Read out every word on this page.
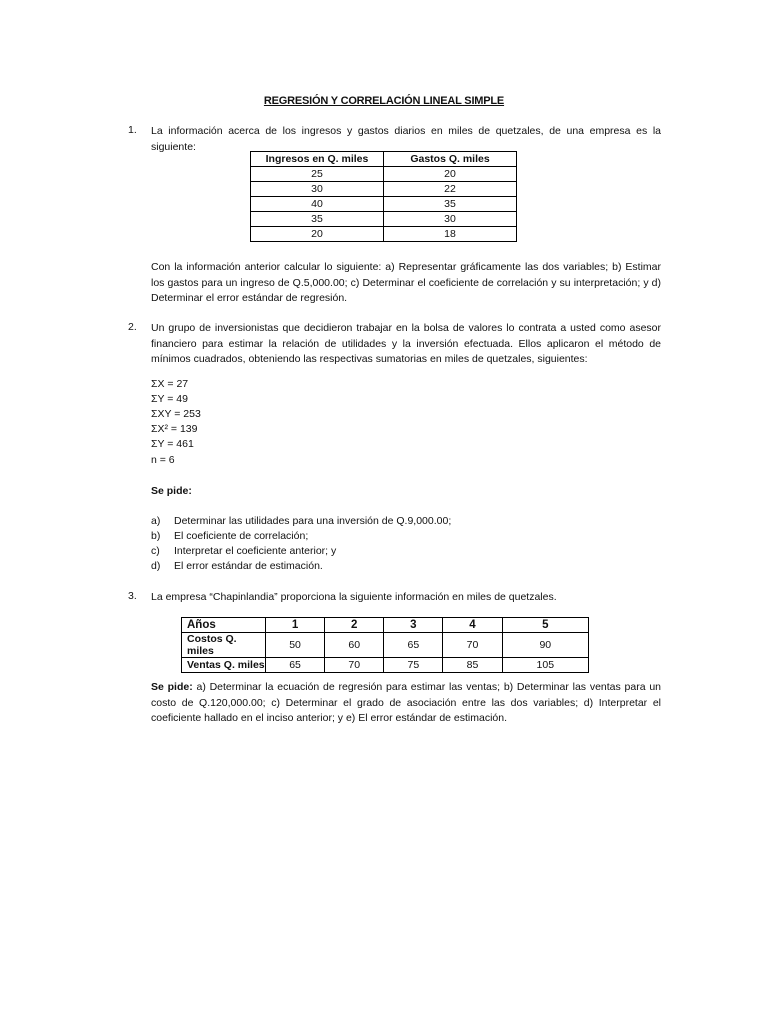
REGRESIÓN Y CORRELACIÓN LINEAL SIMPLE
1. La información acerca de los ingresos y gastos diarios en miles de quetzales, de una empresa es la siguiente:
Ingresos en Q. miles	Gastos Q. miles
25	20
30	22
40	35
35	30
20	18
Con la información anterior calcular lo siguiente: a) Representar gráficamente las dos variables; b) Estimar los gastos para un ingreso de Q.5,000.00; c) Determinar el coeficiente de correlación y su interpretación; y d) Determinar el error estándar de regresión.
2. Un grupo de inversionistas que decidieron trabajar en la bolsa de valores lo contrata a usted como asesor financiero para estimar la relación de utilidades y la inversión efectuada. Ellos aplicaron el método de mínimos cuadrados, obteniendo las respectivas sumatorias en miles de quetzales, siguientes:
ΣX = 27
ΣY = 49
ΣXY = 253
ΣX² = 139
ΣY = 461
n = 6
Se pide:
a) Determinar las utilidades para una inversión de Q.9,000.00;
b) El coeficiente de correlación;
c) Interpretar el coeficiente anterior; y
d) El error estándar de estimación.
3. La empresa “Chapinlandia” proporciona la siguiente información en miles de quetzales.
Años	1	2	3	4	5
Costos Q. miles	50	60	65	70	90
Ventas Q. miles	65	70	75	85	105
Se pide: a) Determinar la ecuación de regresión para estimar las ventas; b) Determinar las ventas para un costo de Q.120,000.00; c) Determinar el grado de asociación entre las dos variables; d) Interpretar el coeficiente hallado en el inciso anterior; y e) El error estándar de estimación.
